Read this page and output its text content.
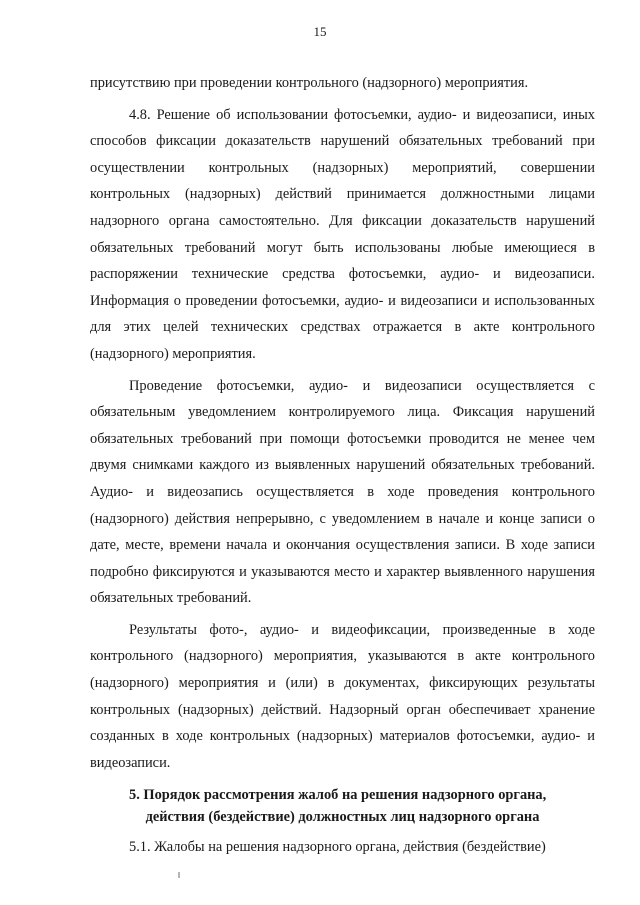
15

присутствию при проведении контрольного (надзорного) мероприятия.

4.8. Решение об использовании фотосъемки, аудио- и видеозаписи, иных способов фиксации доказательств нарушений обязательных требований при осуществлении контрольных (надзорных) мероприятий, совершении контрольных (надзорных) действий принимается должностными лицами надзорного органа самостоятельно. Для фиксации доказательств нарушений обязательных требований могут быть использованы любые имеющиеся в распоряжении технические средства фотосъемки, аудио- и видеозаписи. Информация о проведении фотосъемки, аудио- и видеозаписи и использованных для этих целей технических средствах отражается в акте контрольного (надзорного) мероприятия.

Проведение фотосъемки, аудио- и видеозаписи осуществляется с обязательным уведомлением контролируемого лица. Фиксация нарушений обязательных требований при помощи фотосъемки проводится не менее чем двумя снимками каждого из выявленных нарушений обязательных требований. Аудио- и видеозапись осуществляется в ходе проведения контрольного (надзорного) действия непрерывно, с уведомлением в начале и конце записи о дате, месте, времени начала и окончания осуществления записи. В ходе записи подробно фиксируются и указываются место и характер выявленного нарушения обязательных требований.

Результаты фото-, аудио- и видеофиксации, произведенные в ходе контрольного (надзорного) мероприятия, указываются в акте контрольного (надзорного) мероприятия и (или) в документах, фиксирующих результаты контрольных (надзорных) действий. Надзорный орган обеспечивает хранение созданных в ходе контрольных (надзорных) материалов фотосъемки, аудио- и видеозаписи.

5. Порядок рассмотрения жалоб на решения надзорного органа,
действия (бездействие) должностных лиц надзорного органа

5.1. Жалобы на решения надзорного органа, действия (бездействие)
